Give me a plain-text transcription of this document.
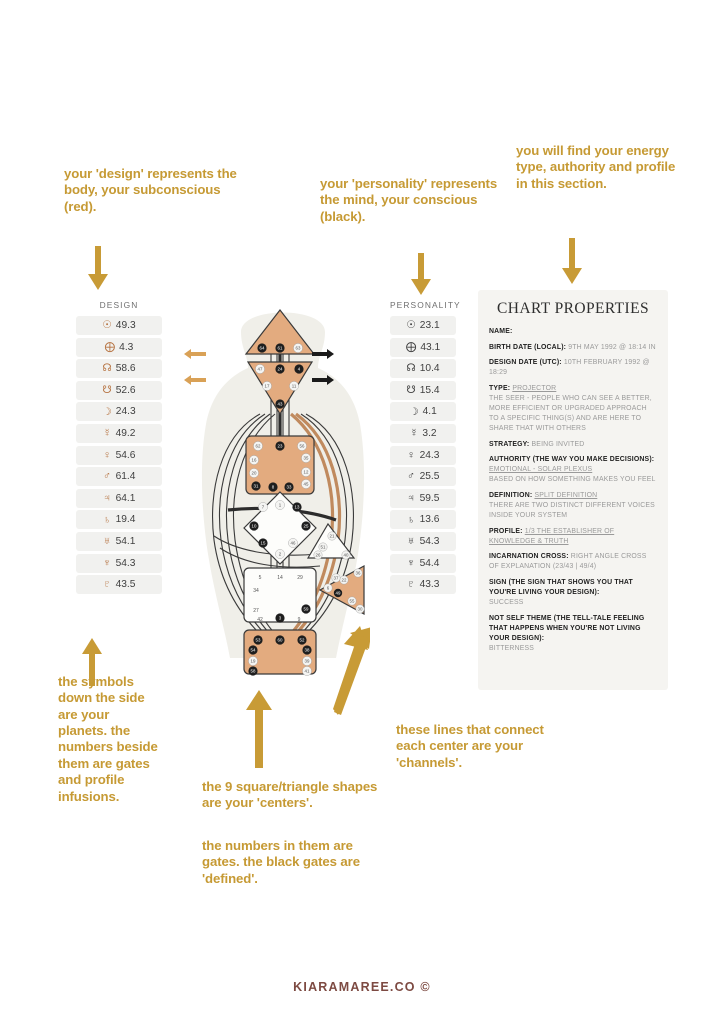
your 'design' represents the body, your subconscious (red).
your 'personality' represents the mind, your conscious (black).
you will find your energy type, authority and profile in this section.
the symbols down the side are your planets. the numbers beside them are gates and profile infusions.
the 9 square/triangle shapes are your 'centers'.
the numbers in them are gates. the black gates are 'defined'.
these lines that connect each center are your 'channels'.
DESIGN
☉ 49.3
⨁ 4.3
☊ 58.6
☋ 52.6
☽ 24.3
☿ 49.2
♀ 54.6
♂ 61.4
♃ 64.1
♄ 19.4
♅ 54.1
♆ 54.3
♇ 43.5
PERSONALITY
☉ 23.1
⨁ 43.1
☊ 10.4
☋ 15.4
☽ 4.1
☿ 3.2
♀ 24.3
♂ 25.5
♃ 59.5
♄ 13.6
♅ 54.3
♆ 54.4
♇ 43.3
CHART PROPERTIES
NAME:
BIRTH DATE (LOCAL): 9TH MAY 1992 @ 18:14 IN
DESIGN DATE (UTC): 10TH FEBRUARY 1992 @ 18:29
TYPE: PROJECTOR
THE SEER - PEOPLE WHO CAN SEE A BETTER, MORE EFFICIENT OR UPGRADED APPROACH TO A SPECIFIC THING(S) AND ARE HERE TO SHARE THAT WITH OTHERS
STRATEGY: BEING INVITED
AUTHORITY (THE WAY YOU MAKE DECISIONS):
EMOTIONAL - SOLAR PLEXUS
BASED ON HOW SOMETHING MAKES YOU FEEL
DEFINITION: SPLIT DEFINITION
THERE ARE TWO DISTINCT DIFFERENT VOICES INSIDE YOUR SYSTEM
PROFILE: 1/3 THE ESTABLISHER OF KNOWLEDGE & TRUTH
INCARNATION CROSS: RIGHT ANGLE CROSS OF EXPLANATION (23/43 | 49/4)
SIGN (THE SIGN THAT SHOWS YOU THAT YOU'RE LIVING YOUR DESIGN):
SUCCESS
NOT SELF THEME (THE TELL-TALE FEELING THAT HAPPENS WHEN YOU'RE NOT LIVING YOUR DESIGN):
BITTERNESS
64	61	63
47	24	4
17	11
43
62	23	56
35
16
12
20
45
31	8	33
1	13
7
10	25
15	46
2
21
51
26	40
36
22
37
6
49
55
30
5	14	29
34
27	59
42	3	9
53	60	52
54	38
19	39
58	41
KIARAMAREE.CO ©
